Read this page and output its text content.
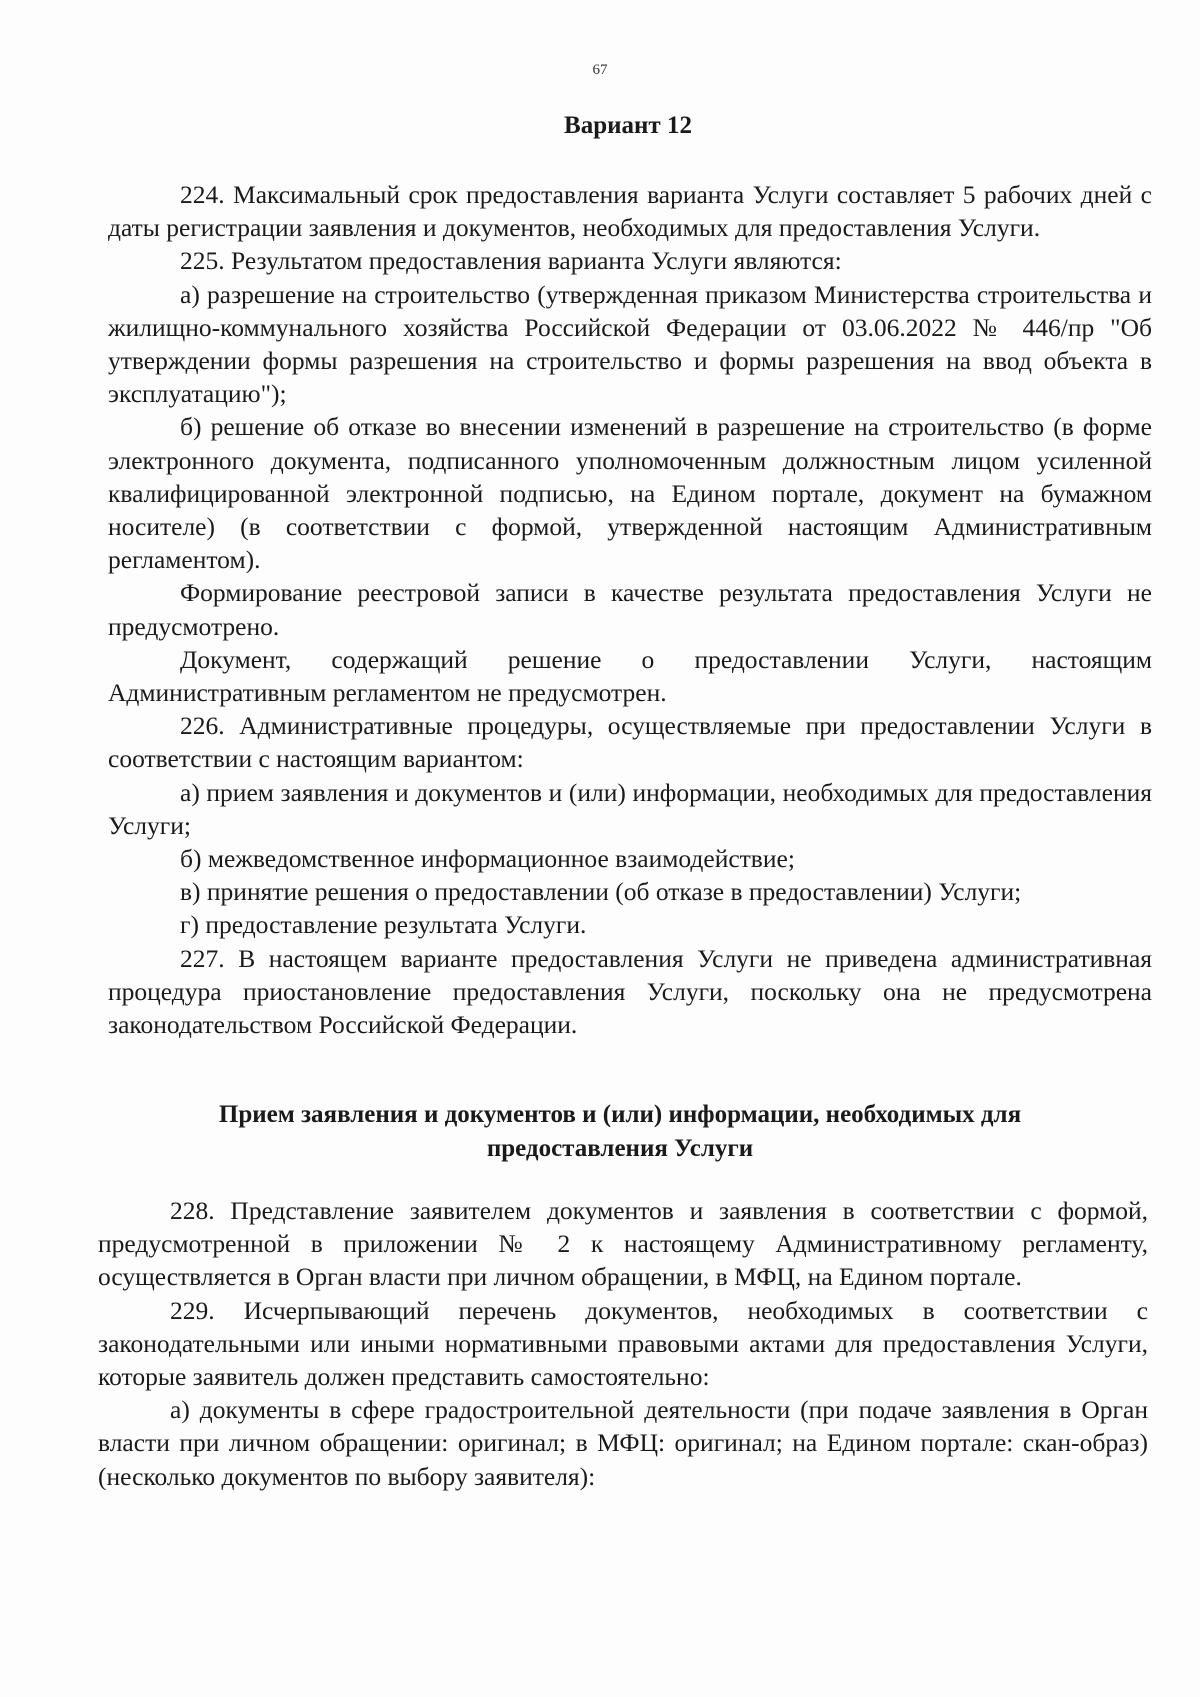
67
Вариант 12

224. Максимальный срок предоставления варианта Услуги составляет 5 рабочих дней с даты регистрации заявления и документов, необходимых для предоставления Услуги.

225. Результатом предоставления варианта Услуги являются:

а) разрешение на строительство (утвержденная приказом Министерства строительства и жилищно-коммунального хозяйства Российской Федерации от 03.06.2022 № 446/пр "Об утверждении формы разрешения на строительство и формы разрешения на ввод объекта в эксплуатацию");

б) решение об отказе во внесении изменений в разрешение на строительство (в форме электронного документа, подписанного уполномоченным должностным лицом усиленной квалифицированной электронной подписью, на Едином портале, документ на бумажном носителе) (в соответствии с формой, утвержденной настоящим Административным регламентом).

Формирование реестровой записи в качестве результата предоставления Услуги не предусмотрено.

Документ, содержащий решение о предоставлении Услуги, настоящим Административным регламентом не предусмотрен.

226. Административные процедуры, осуществляемые при предоставлении Услуги в соответствии с настоящим вариантом:

а) прием заявления и документов и (или) информации, необходимых для предоставления Услуги;

б) межведомственное информационное взаимодействие;

в) принятие решения о предоставлении (об отказе в предоставлении) Услуги;

г) предоставление результата Услуги.

227. В настоящем варианте предоставления Услуги не приведена административная процедура приостановление предоставления Услуги, поскольку она не предусмотрена законодательством Российской Федерации.

Прием заявления и документов и (или) информации, необходимых для предоставления Услуги

228. Представление заявителем документов и заявления в соответствии с формой, предусмотренной в приложении № 2 к настоящему Административному регламенту, осуществляется в Орган власти при личном обращении, в МФЦ, на Едином портале.

229. Исчерпывающий перечень документов, необходимых в соответствии с законодательными или иными нормативными правовыми актами для предоставления Услуги, которые заявитель должен представить самостоятельно:

а) документы в сфере градостроительной деятельности (при подаче заявления в Орган власти при личном обращении: оригинал; в МФЦ: оригинал; на Едином портале: скан-образ) (несколько документов по выбору заявителя):
